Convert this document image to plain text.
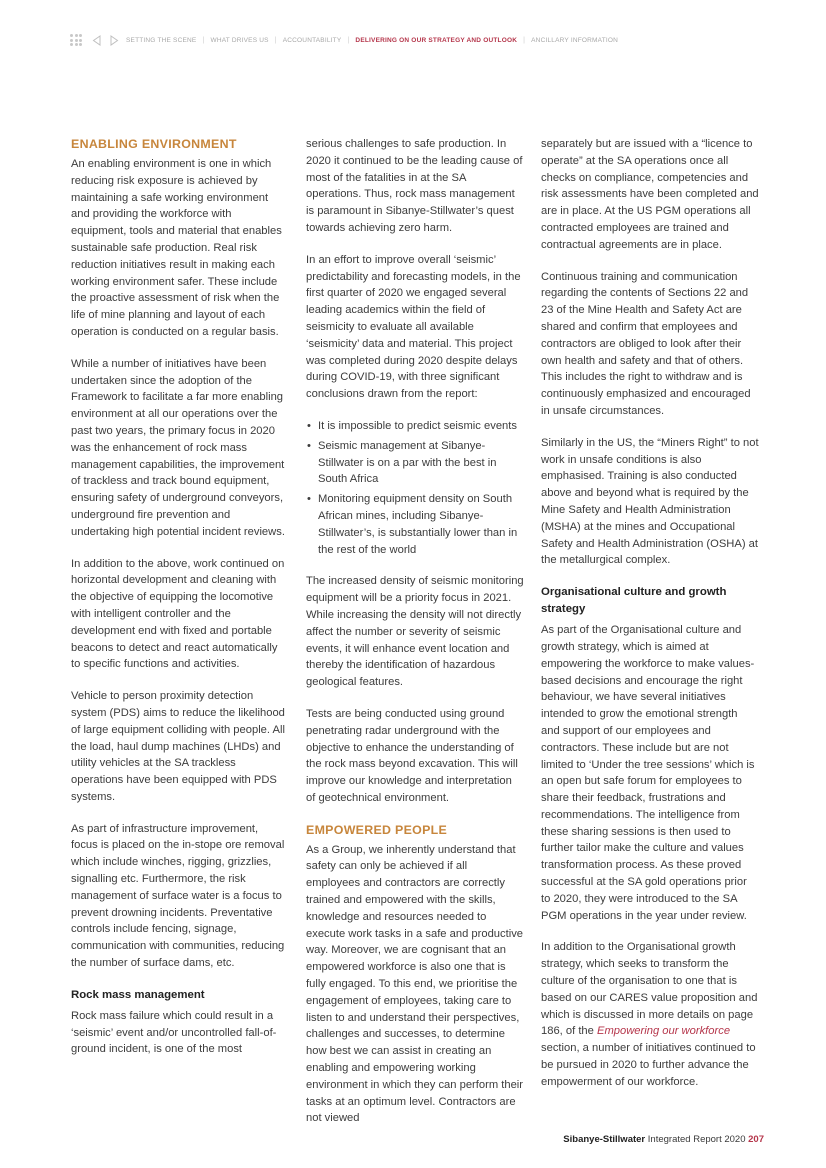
SETTING THE SCENE | WHAT DRIVES US | ACCOUNTABILITY | DELIVERING ON OUR STRATEGY AND OUTLOOK | ANCILLARY INFORMATION
ENABLING ENVIRONMENT

An enabling environment is one in which reducing risk exposure is achieved by maintaining a safe working environment and providing the workforce with equipment, tools and material that enables sustainable safe production. Real risk reduction initiatives result in making each working environment safer. These include the proactive assessment of risk when the life of mine planning and layout of each operation is conducted on a regular basis.

While a number of initiatives have been undertaken since the adoption of the Framework to facilitate a far more enabling environment at all our operations over the past two years, the primary focus in 2020 was the enhancement of rock mass management capabilities, the improvement of trackless and track bound equipment, ensuring safety of underground conveyors, underground fire prevention and undertaking high potential incident reviews.

In addition to the above, work continued on horizontal development and cleaning with the objective of equipping the locomotive with intelligent controller and the development end with fixed and portable beacons to detect and react automatically to specific functions and activities.

Vehicle to person proximity detection system (PDS) aims to reduce the likelihood of large equipment colliding with people. All the load, haul dump machines (LHDs) and utility vehicles at the SA trackless operations have been equipped with PDS systems.

As part of infrastructure improvement, focus is placed on the in-stope ore removal which include winches, rigging, grizzlies, signalling etc. Furthermore, the risk management of surface water is a focus to prevent drowning incidents. Preventative controls include fencing, signage, communication with communities, reducing the number of surface dams, etc.

Rock mass management

Rock mass failure which could result in a ‘seismic’ event and/or uncontrolled fall-of-ground incident, is one of the most

serious challenges to safe production. In 2020 it continued to be the leading cause of most of the fatalities in at the SA operations. Thus, rock mass management is paramount in Sibanye-Stillwater’s quest towards achieving zero harm.

In an effort to improve overall ‘seismic’ predictability and forecasting models, in the first quarter of 2020 we engaged several leading academics within the field of seismicity to evaluate all available ‘seismicity’ data and material. This project was completed during 2020 despite delays during COVID-19, with three significant conclusions drawn from the report:

• It is impossible to predict seismic events
• Seismic management at Sibanye-Stillwater is on a par with the best in South Africa
• Monitoring equipment density on South African mines, including Sibanye-Stillwater’s, is substantially lower than in the rest of the world

The increased density of seismic monitoring equipment will be a priority focus in 2021. While increasing the density will not directly affect the number or severity of seismic events, it will enhance event location and thereby the identification of hazardous geological features.

Tests are being conducted using ground penetrating radar underground with the objective to enhance the understanding of the rock mass beyond excavation. This will improve our knowledge and interpretation of geotechnical environment.

EMPOWERED PEOPLE

As a Group, we inherently understand that safety can only be achieved if all employees and contractors are correctly trained and empowered with the skills, knowledge and resources needed to execute work tasks in a safe and productive way. Moreover, we are cognisant that an empowered workforce is also one that is fully engaged. To this end, we prioritise the engagement of employees, taking care to listen to and understand their perspectives, challenges and successes, to determine how best we can assist in creating an enabling and empowering working environment in which they can perform their tasks at an optimum level. Contractors are not viewed

separately but are issued with a “licence to operate” at the SA operations once all checks on compliance, competencies and risk assessments have been completed and are in place. At the US PGM operations all contracted employees are trained and contractual agreements are in place.

Continuous training and communication regarding the contents of Sections 22 and 23 of the Mine Health and Safety Act are shared and confirm that employees and contractors are obliged to look after their own health and safety and that of others. This includes the right to withdraw and is continuously emphasized and encouraged in unsafe circumstances.

Similarly in the US, the “Miners Right” to not work in unsafe conditions is also emphasised. Training is also conducted above and beyond what is required by the Mine Safety and Health Administration (MSHA) at the mines and Occupational Safety and Health Administration (OSHA) at the metallurgical complex.

Organisational culture and growth strategy

As part of the Organisational culture and growth strategy, which is aimed at empowering the workforce to make values-based decisions and encourage the right behaviour, we have several initiatives intended to grow the emotional strength and support of our employees and contractors. These include but are not limited to ‘Under the tree sessions’ which is an open but safe forum for employees to share their feedback, frustrations and recommendations. The intelligence from these sharing sessions is then used to further tailor make the culture and values transformation process. As these proved successful at the SA gold operations prior to 2020, they were introduced to the SA PGM operations in the year under review.

In addition to the Organisational growth strategy, which seeks to transform the culture of the organisation to one that is based on our CARES value proposition and which is discussed in more details on page 186, of the Empowering our workforce section, a number of initiatives continued to be pursued in 2020 to further advance the empowerment of our workforce.

Sibanye-Stillwater Integrated Report 2020 207
